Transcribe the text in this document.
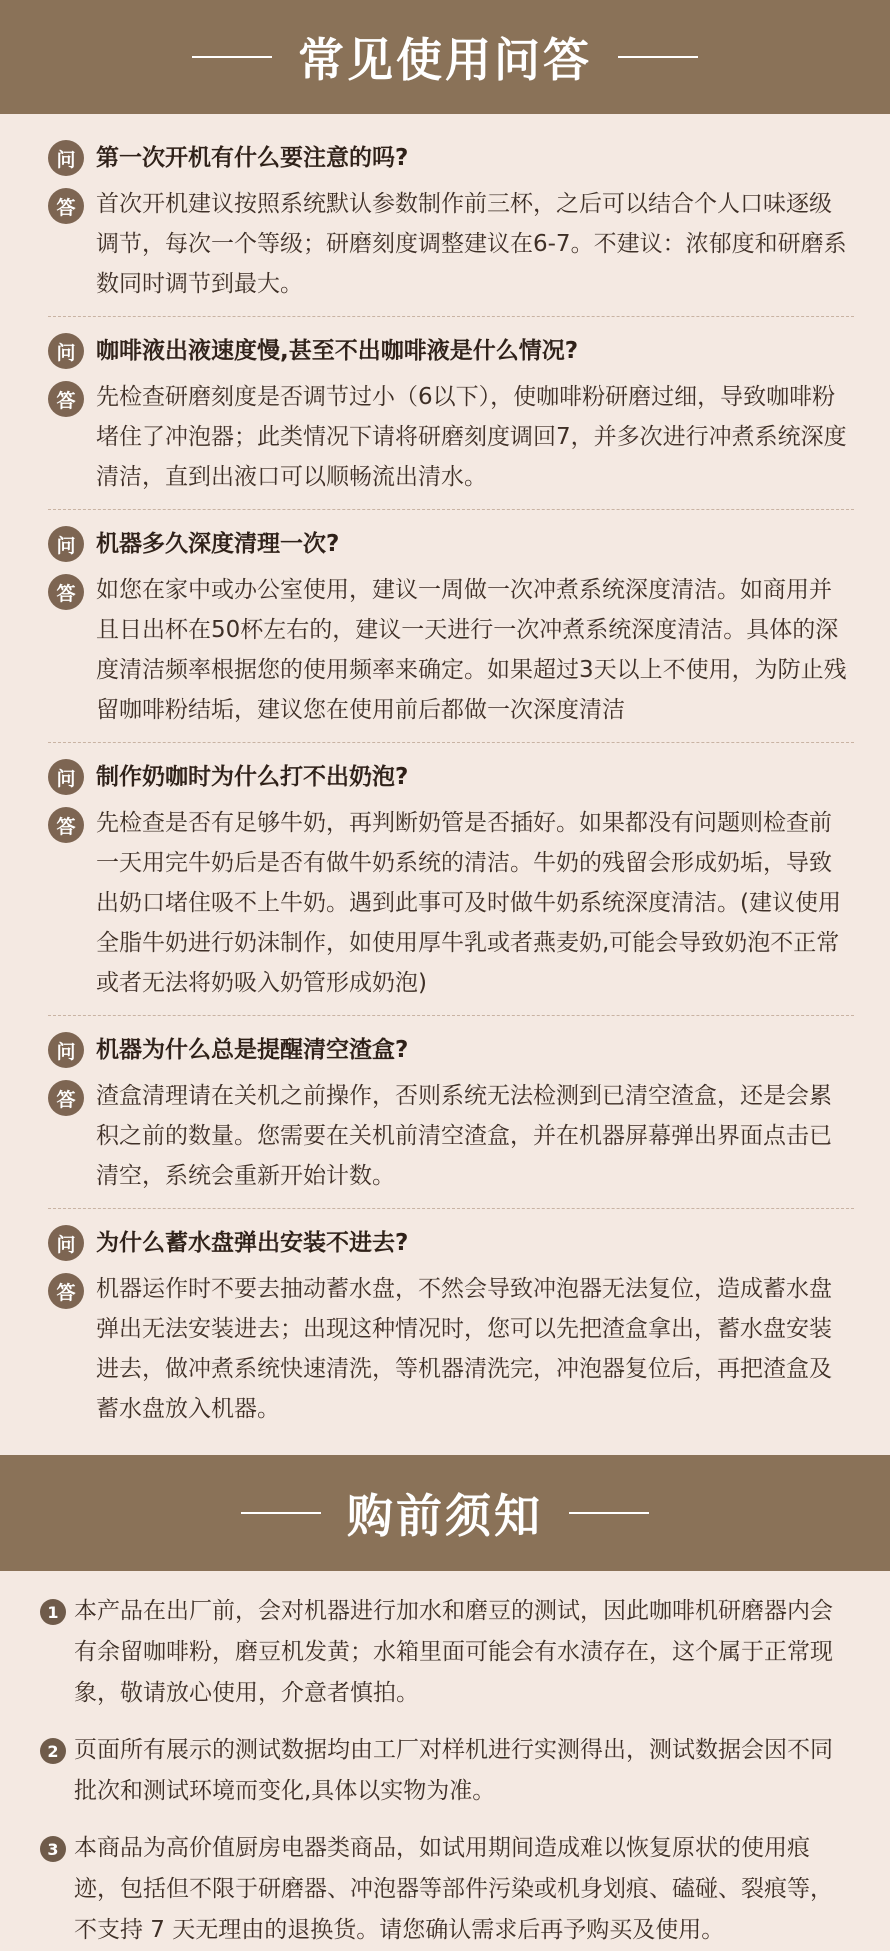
常见使用问答
问 第一次开机有什么要注意的吗?
答 首次开机建议按照系统默认参数制作前三杯，之后可以结合个人口味逐级调节，每次一个等级；研磨刻度调整建议在6-7。不建议：浓郁度和研磨系数同时调节到最大。
问 咖啡液出液速度慢,甚至不出咖啡液是什么情况?
答 先检查研磨刻度是否调节过小（6以下），使咖啡粉研磨过细，导致咖啡粉堵住了冲泡器；此类情况下请将研磨刻度调回7，并多次进行冲煮系统深度清洁，直到出液口可以顺畅流出清水。
问 机器多久深度清理一次?
答 如您在家中或办公室使用，建议一周做一次冲煮系统深度清洁。如商用并且日出杯在50杯左右的，建议一天进行一次冲煮系统深度清洁。具体的深度清洁频率根据您的使用频率来确定。如果超过3天以上不使用，为防止残留咖啡粉结垢，建议您在使用前后都做一次深度清洁
问 制作奶咖时为什么打不出奶泡?
答 先检查是否有足够牛奶，再判断奶管是否插好。如果都没有问题则检查前一天用完牛奶后是否有做牛奶系统的清洁。牛奶的残留会形成奶垢，导致出奶口堵住吸不上牛奶。遇到此事可及时做牛奶系统深度清洁。(建议使用全脂牛奶进行奶沫制作，如使用厚牛乳或者燕麦奶,可能会导致奶泡不正常或者无法将奶吸入奶管形成奶泡)
问 机器为什么总是提醒清空渣盒?
答 渣盒清理请在关机之前操作，否则系统无法检测到已清空渣盒，还是会累积之前的数量。您需要在关机前清空渣盒，并在机器屏幕弹出界面点击已清空，系统会重新开始计数。
问 为什么蓄水盘弹出安装不进去?
答 机器运作时不要去抽动蓄水盘，不然会导致冲泡器无法复位，造成蓄水盘弹出无法安装进去；出现这种情况时，您可以先把渣盒拿出，蓄水盘安装进去，做冲煮系统快速清洗，等机器清洗完，冲泡器复位后，再把渣盒及蓄水盘放入机器。
购前须知
1 本产品在出厂前，会对机器进行加水和磨豆的测试，因此咖啡机研磨器内会有余留咖啡粉，磨豆机发黄；水箱里面可能会有水渍存在，这个属于正常现象，敬请放心使用，介意者慎拍。
2 页面所有展示的测试数据均由工厂对样机进行实测得出，测试数据会因不同批次和测试环境而变化,具体以实物为准。
3 本商品为高价值厨房电器类商品，如试用期间造成难以恢复原状的使用痕迹，包括但不限于研磨器、冲泡器等部件污染或机身划痕、磕碰、裂痕等，不支持 7 天无理由的退换货。请您确认需求后再予购买及使用。
